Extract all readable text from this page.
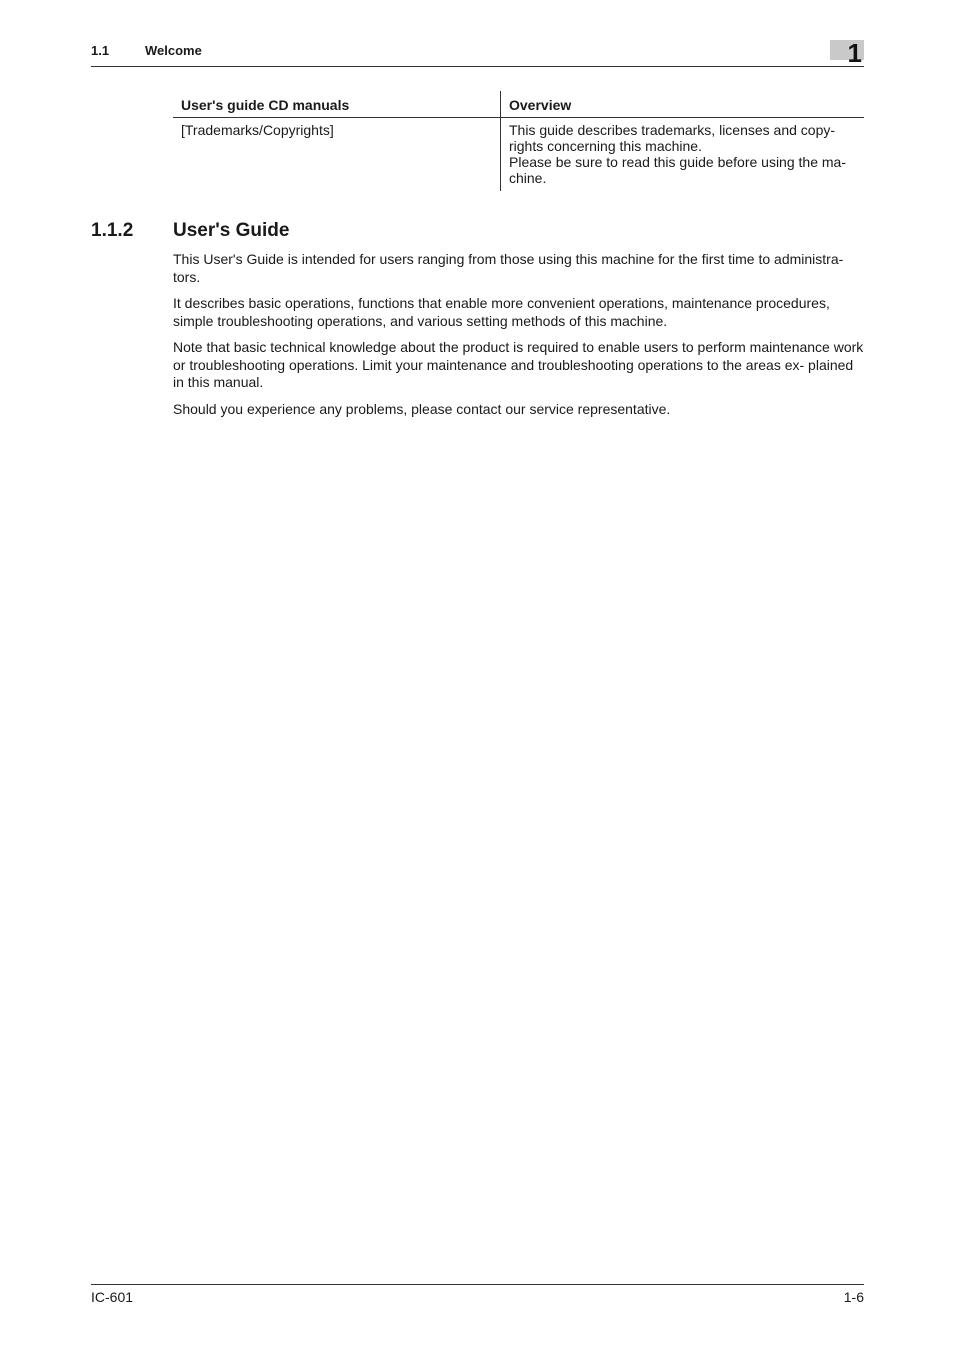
1.1	Welcome	1
User's guide CD manuals	Overview
[Trademarks/Copyrights]	This guide describes trademarks, licenses and copy-
rights concerning this machine.
Please be sure to read this guide before using the ma-
chine.
1.1.2 User's Guide

This User's Guide is intended for users ranging from those using this machine for the first time to administra- tors.

It describes basic operations, functions that enable more convenient operations, maintenance procedures, simple troubleshooting operations, and various setting methods of this machine.

Note that basic technical knowledge about the product is required to enable users to perform maintenance work or troubleshooting operations. Limit your maintenance and troubleshooting operations to the areas ex- plained in this manual.

Should you experience any problems, please contact our service representative.

IC-601	1-6
